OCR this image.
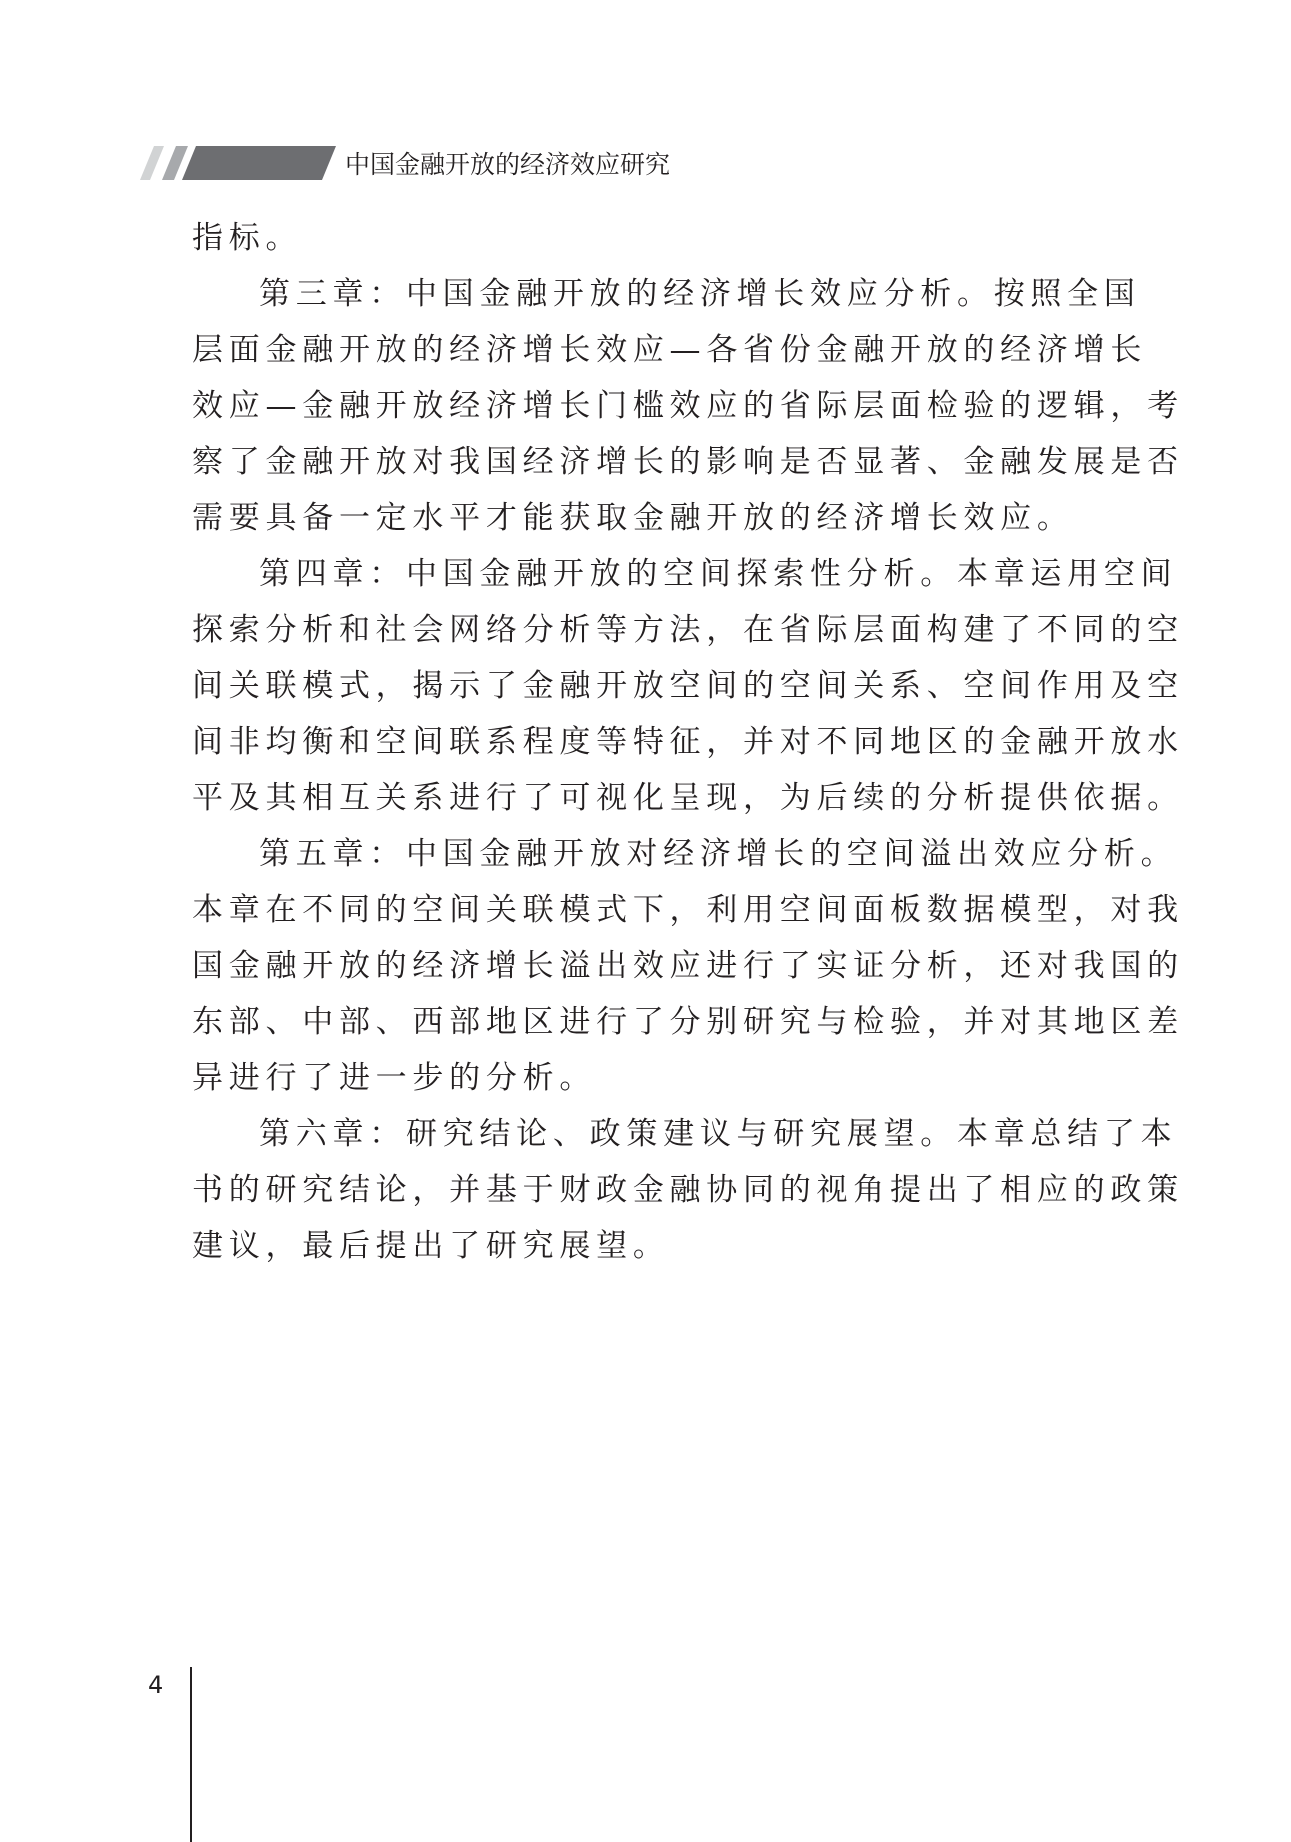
中国金融开放的经济效应研究
指标。
第三章：中国金融开放的经济增长效应分析。按照全国
层面金融开放的经济增长效应—各省份金融开放的经济增长
效应—金融开放经济增长门槛效应的省际层面检验的逻辑，考
察了金融开放对我国经济增长的影响是否显著、金融发展是否
需要具备一定水平才能获取金融开放的经济增长效应。
第四章：中国金融开放的空间探索性分析。本章运用空间
探索分析和社会网络分析等方法，在省际层面构建了不同的空
间关联模式，揭示了金融开放空间的空间关系、空间作用及空
间非均衡和空间联系程度等特征，并对不同地区的金融开放水
平及其相互关系进行了可视化呈现，为后续的分析提供依据。
第五章：中国金融开放对经济增长的空间溢出效应分析。
本章在不同的空间关联模式下，利用空间面板数据模型，对我
国金融开放的经济增长溢出效应进行了实证分析，还对我国的
东部、中部、西部地区进行了分别研究与检验，并对其地区差
异进行了进一步的分析。
第六章：研究结论、政策建议与研究展望。本章总结了本
书的研究结论，并基于财政金融协同的视角提出了相应的政策
建议，最后提出了研究展望。
4
